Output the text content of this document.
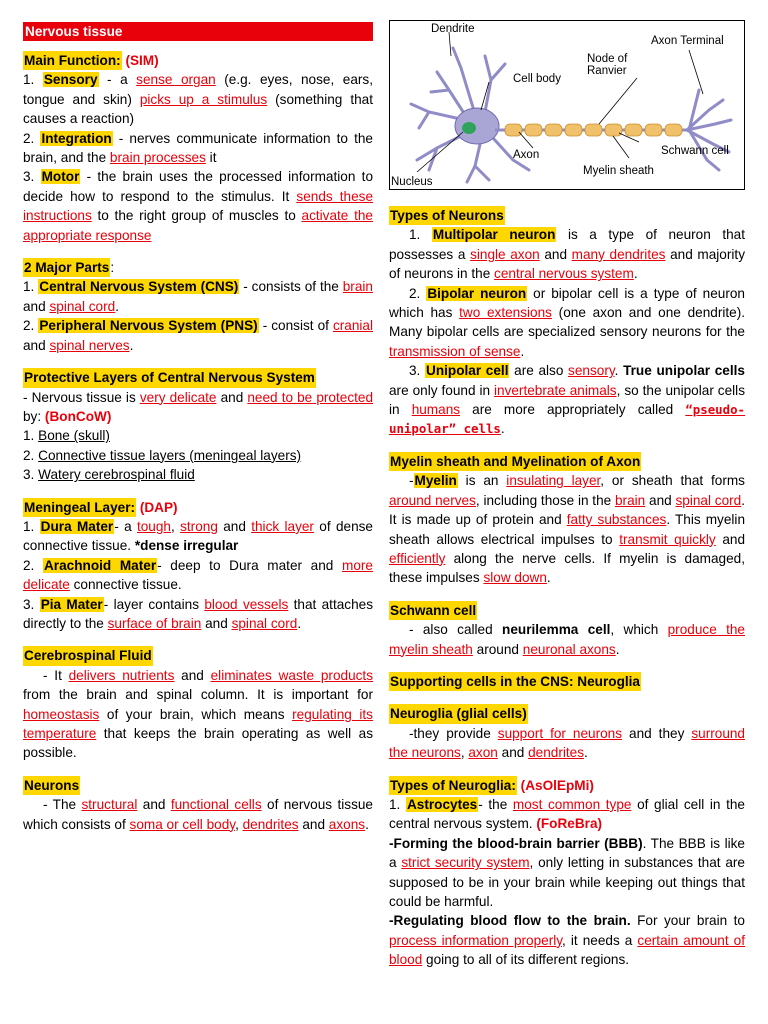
Nervous tissue
Main Function: (SIM)

1. Sensory - a sense organ (e.g. eyes, nose, ears, tongue and skin) picks up a stimulus (something that causes a reaction)

2. Integration - nerves communicate information to the brain, and the brain processes it

3. Motor - the brain uses the processed information to decide how to respond to the stimulus. It sends these instructions to the right group of muscles to activate the appropriate response

2 Major Parts:

1. Central Nervous System (CNS) - consists of the brain and spinal cord.

2. Peripheral Nervous System (PNS) - consist of cranial and spinal nerves.

Protective Layers of Central Nervous System

- Nervous tissue is very delicate and need to be protected by: (BonCoW)

1. Bone (skull)
2. Connective tissue layers (meningeal layers)
3. Watery cerebrospinal fluid
Meningeal Layer: (DAP)

1. Dura Mater- a tough, strong and thick layer of dense connective tissue. *dense irregular

2. Arachnoid Mater- deep to Dura mater and more delicate connective tissue.

3. Pia Mater- layer contains blood vessels that attaches directly to the surface of brain and spinal cord.

Cerebrospinal Fluid

- It delivers nutrients and eliminates waste products from the brain and spinal column. It is important for homeostasis of your brain, which means regulating its temperature that keeps the brain operating as well as possible.

Neurons

- The structural and functional cells of nervous tissue which consists of soma or cell body, dendrites and axons.

Dendrite
Axon Terminal
Node of
Ranvier
Cell body
Axon	Schwann cell
Myelin sheath
Nucleus
Types of Neurons

1. Multipolar neuron is a type of neuron that possesses a single axon and many dendrites and majority of neurons in the central nervous system.

2. Bipolar neuron or bipolar cell is a type of neuron which has two extensions (one axon and one dendrite). Many bipolar cells are specialized sensory neurons for the transmission of sense.

3. Unipolar cell are also sensory. True unipolar cells are only found in invertebrate animals, so the unipolar cells in humans are more appropriately called “pseudo-unipolar” cells.

Myelin sheath and Myelination of Axon

-Myelin is an insulating layer, or sheath that forms around nerves, including those in the brain and spinal cord. It is made up of protein and fatty substances. This myelin sheath allows electrical impulses to transmit quickly and efficiently along the nerve cells. If myelin is damaged, these impulses slow down.

Schwann cell

- also called neurilemma cell, which produce the myelin sheath around neuronal axons.

Supporting cells in the CNS: Neuroglia
Neuroglia (glial cells)

-they provide support for neurons and they surround the neurons, axon and dendrites.

Types of Neuroglia: (AsOlEpMi)

1. Astrocytes- the most common type of glial cell in the central nervous system. (FoReBra)

-Forming the blood-brain barrier (BBB). The BBB is like a strict security system, only letting in substances that are supposed to be in your brain while keeping out things that could be harmful.

-Regulating blood flow to the brain. For your brain to process information properly, it needs a certain amount of blood going to all of its different regions.
